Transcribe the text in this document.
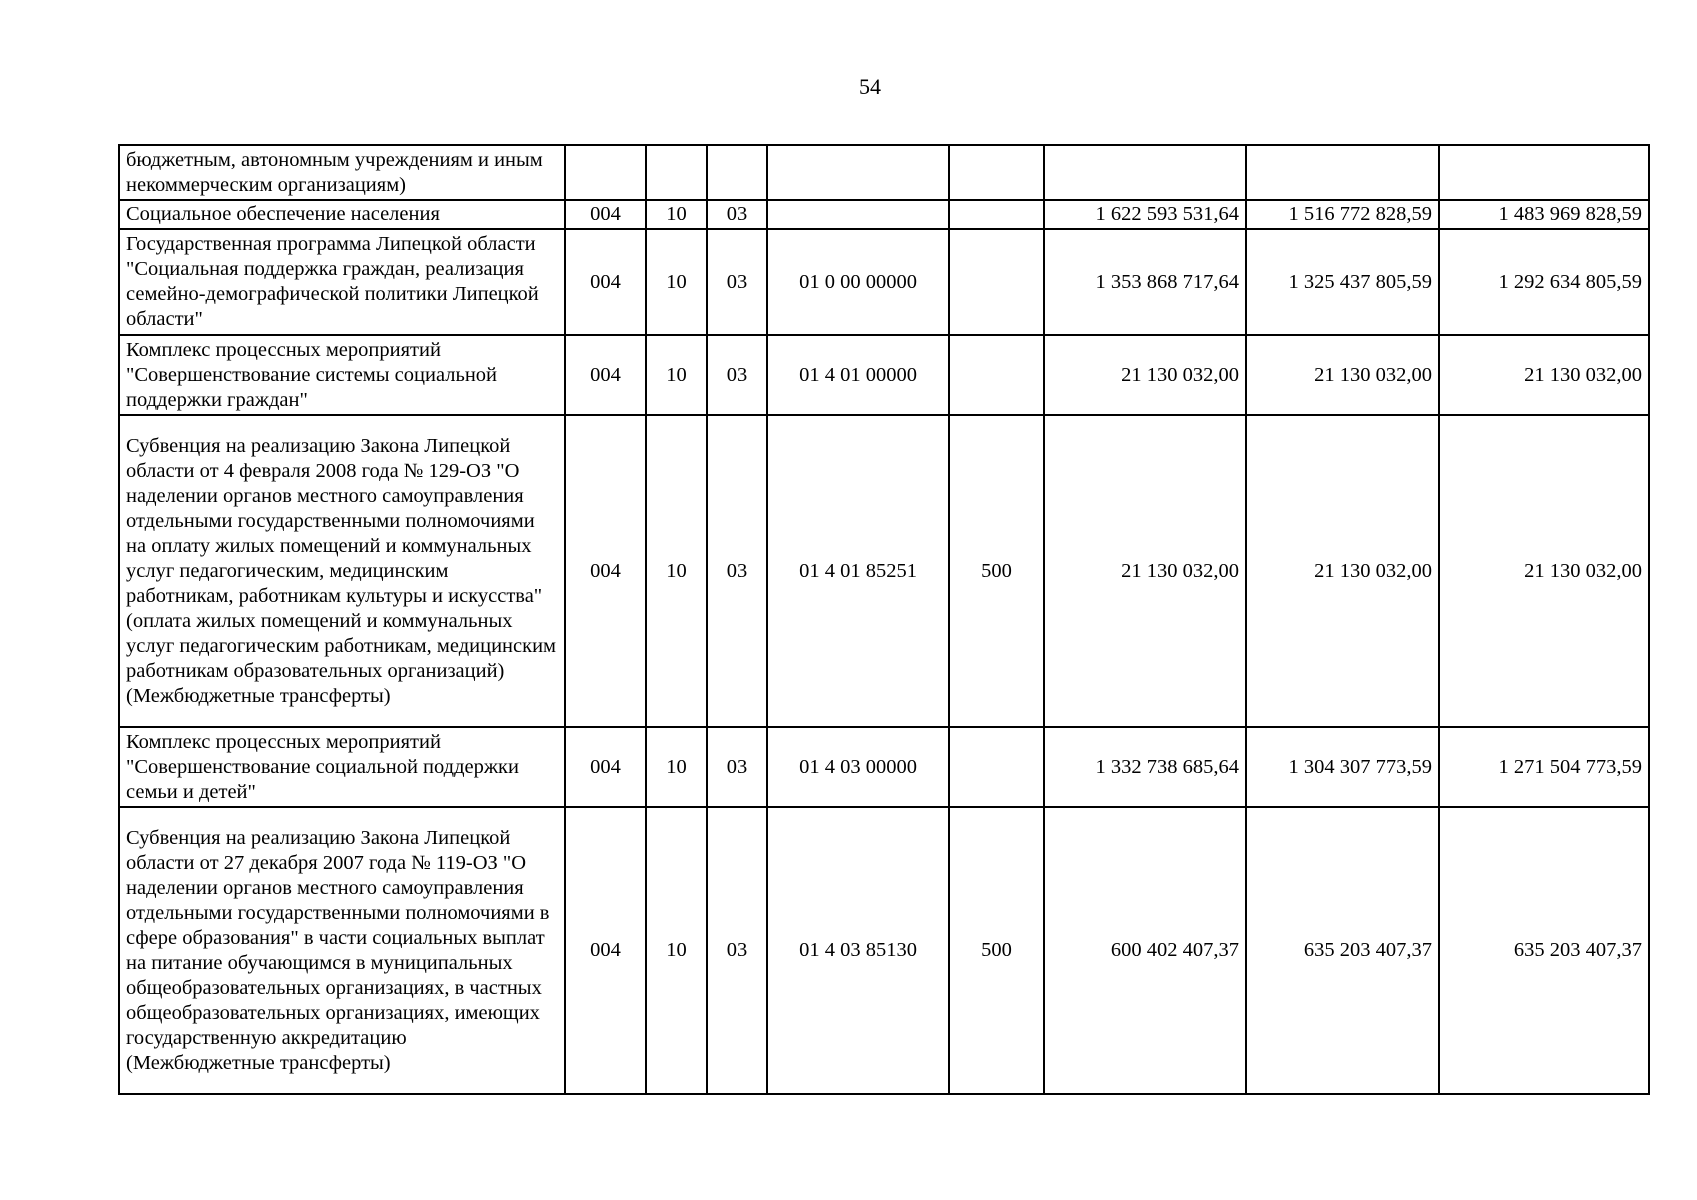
54
бюджетным, автономным учреждениям и иным некоммерческим организациям)								
Социальное обеспечение населения	004	10	03			1 622 593 531,64	1 516 772 828,59	1 483 969 828,59
Государственная программа Липецкой области "Социальная поддержка граждан, реализация семейно-демографической политики Липецкой области"	004	10	03	01 0 00 00000		1 353 868 717,64	1 325 437 805,59	1 292 634 805,59
Комплекс процессных мероприятий "Совершенствование системы социальной поддержки граждан"	004	10	03	01 4 01 00000		21 130 032,00	21 130 032,00	21 130 032,00
Субвенция на реализацию Закона Липецкой области от 4 февраля 2008 года № 129-ОЗ "О наделении органов местного самоуправления отдельными государственными полномочиями на оплату жилых помещений и коммунальных услуг педагогическим, медицинским работникам, работникам культуры и искусства" (оплата жилых помещений и коммунальных услуг педагогическим работникам, медицинским работникам образовательных организаций) (Межбюджетные трансферты)	004	10	03	01 4 01 85251	500	21 130 032,00	21 130 032,00	21 130 032,00
Комплекс процессных мероприятий "Совершенствование социальной поддержки семьи и детей"	004	10	03	01 4 03 00000		1 332 738 685,64	1 304 307 773,59	1 271 504 773,59
Субвенция на реализацию Закона Липецкой области от 27 декабря 2007 года № 119-ОЗ "О наделении органов местного самоуправления отдельными государственными полномочиями в сфере образования" в части социальных выплат на питание обучающимся в муниципальных общеобразовательных организациях, в частных общеобразовательных организациях, имеющих государственную аккредитацию (Межбюджетные трансферты)	004	10	03	01 4 03 85130	500	600 402 407,37	635 203 407,37	635 203 407,37
